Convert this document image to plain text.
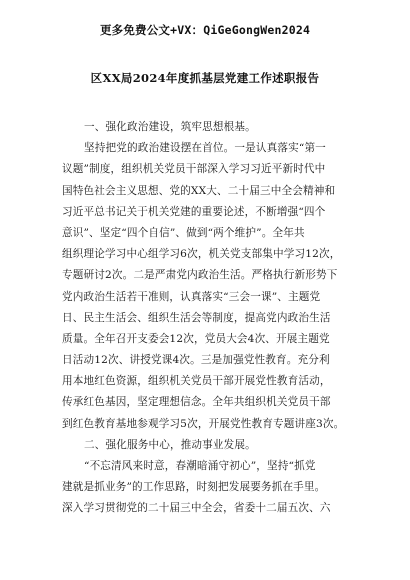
更多免费公文+VX：QiGeGongWen2024
区XX局2024年度抓基层党建工作述职报告
一、强化政治建设，筑牢思想根基。
坚持把党的政治建设摆在首位。一是认真落实“第一
议题”制度，组织机关党员干部深入学习习近平新时代中
国特色社会主义思想、党的XX大、二十届三中全会精神和
习近平总书记关于机关党建的重要论述，不断增强“四个
意识”、坚定“四个自信”、做到“两个维护”。全年共
组织理论学习中心组学习6次，机关党支部集中学习12次，
专题研讨2次。二是严肃党内政治生活。严格执行新形势下
党内政治生活若干准则，认真落实“三会一课”、主题党
日、民主生活会、组织生活会等制度，提高党内政治生活
质量。全年召开支委会12次，党员大会4次、开展主题党
日活动12次、讲授党课4次。三是加强党性教育。充分利
用本地红色资源，组织机关党员干部开展党性教育活动，
传承红色基因，坚定理想信念。全年共组织机关党员干部
到红色教育基地参观学习5次，开展党性教育专题讲座3次。
二、强化服务中心，推动事业发展。
“不忘清风来时意，春潮暗涌守初心”，坚持“抓党
建就是抓业务”的工作思路，时刻把发展要务抓在手里。
深入学习贯彻党的二十届三中全会，省委十二届五次、六
